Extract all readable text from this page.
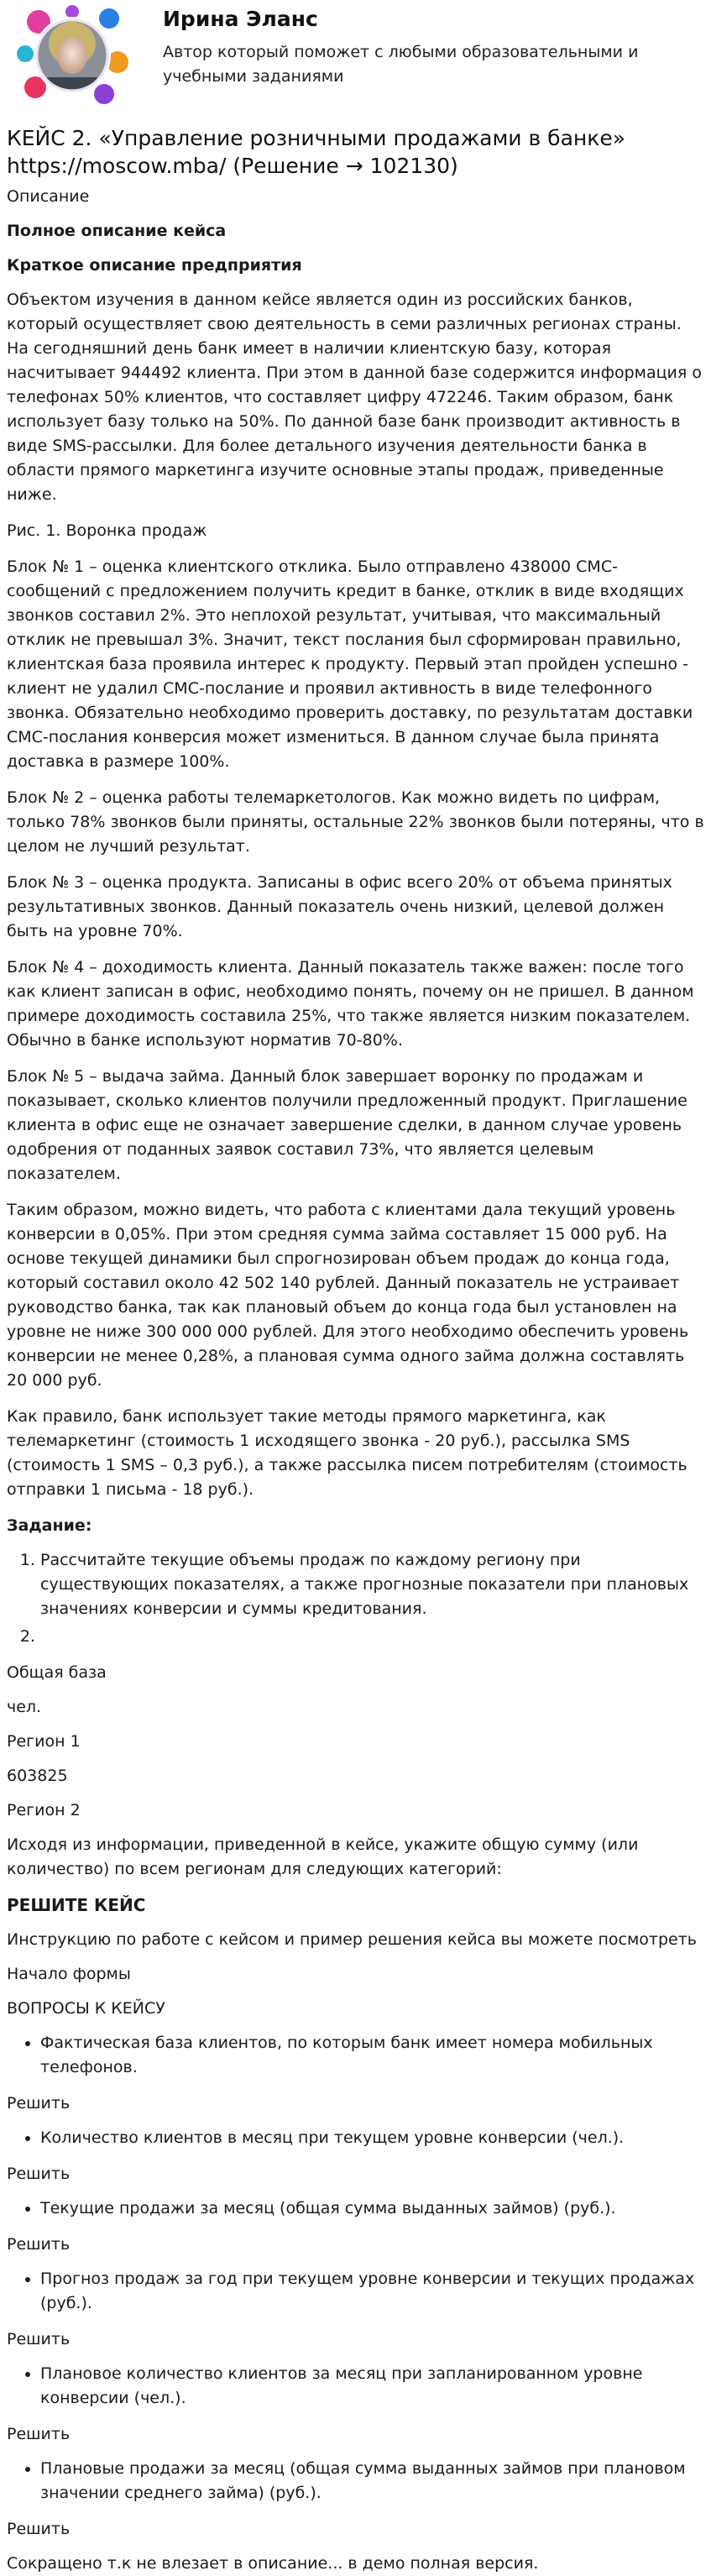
Ирина Эланс
Автор который поможет с любыми образовательными и учебными заданиями
КЕЙС 2. «Управление розничными продажами в банке» https://moscow.mba/ (Решение → 102130)

Описание

Полное описание кейса

Краткое описание предприятия

Объектом изучения в данном кейсе является один из российских банков, который осуществляет свою деятельность в семи различных регионах страны. На сегодняшний день банк имеет в наличии клиентскую базу, которая насчитывает 944492 клиента. При этом в данной базе содержится информация о телефонах 50% клиентов, что составляет цифру 472246. Таким образом, банк использует базу только на 50%. По данной базе банк производит активность в виде SMS-рассылки. Для более детального изучения деятельности банка в области прямого маркетинга изучите основные этапы продаж, приведенные ниже.

Рис. 1. Воронка продаж

Блок № 1 – оценка клиентского отклика. Было отправлено 438000 СМС-сообщений с предложением получить кредит в банке, отклик в виде входящих звонков составил 2%. Это неплохой результат, учитывая, что максимальный отклик не превышал 3%. Значит, текст послания был сформирован правильно, клиентская база проявила интерес к продукту. Первый этап пройден успешно - клиент не удалил СМС-послание и проявил активность в виде телефонного звонка. Обязательно необходимо проверить доставку, по результатам доставки СМС-послания конверсия может измениться. В данном случае была принята доставка в размере 100%.

Блок № 2 – оценка работы телемаркетологов. Как можно видеть по цифрам, только 78% звонков были приняты, остальные 22% звонков были потеряны, что в целом не лучший результат.

Блок № 3 – оценка продукта. Записаны в офис всего 20% от объема принятых результативных звонков. Данный показатель очень низкий, целевой должен быть на уровне 70%.

Блок № 4 – доходимость клиента. Данный показатель также важен: после того как клиент записан в офис, необходимо понять, почему он не пришел. В данном примере доходимость составила 25%, что также является низким показателем. Обычно в банке используют норматив 70-80%.

Блок № 5 – выдача займа. Данный блок завершает воронку по продажам и показывает, сколько клиентов получили предложенный продукт. Приглашение клиента в офис еще не означает завершение сделки, в данном случае уровень одобрения от поданных заявок составил 73%, что является целевым показателем.

Таким образом, можно видеть, что работа с клиентами дала текущий уровень конверсии в 0,05%. При этом средняя сумма займа составляет 15 000 руб. На основе текущей динамики был спрогнозирован объем продаж до конца года, который составил около 42 502 140 рублей. Данный показатель не устраивает руководство банка, так как плановый объем до конца года был установлен на уровне не ниже 300 000 000 рублей. Для этого необходимо обеспечить уровень конверсии не менее 0,28%, а плановая сумма одного займа должна составлять 20 000 руб.

Как правило, банк использует такие методы прямого маркетинга, как телемаркетинг (стоимость 1 исходящего звонка - 20 руб.), рассылка SMS (стоимость 1 SMS – 0,3 руб.), а также рассылка писем потребителям (стоимость отправки 1 письма - 18 руб.).

Задание:

1. Рассчитайте текущие объемы продаж по каждому региону при существующих показателях, а также прогнозные показатели при плановых значениях конверсии и суммы кредитования.
2.

Общая база

чел.

Регион 1

603825

Регион 2

Исходя из информации, приведенной в кейсе, укажите общую сумму (или количество) по всем регионам для следующих категорий:

РЕШИТЕ КЕЙС

Инструкцию по работе с кейсом и пример решения кейса вы можете посмотреть

Начало формы

ВОПРОСЫ К КЕЙСУ

• Фактическая база клиентов, по которым банк имеет номера мобильных телефонов.

Решить

• Количество клиентов в месяц при текущем уровне конверсии (чел.).

Решить

• Текущие продажи за месяц (общая сумма выданных займов) (руб.).

Решить

• Прогноз продаж за год при текущем уровне конверсии и текущих продажах (руб.).

Решить

• Плановое количество клиентов за месяц при запланированном уровне конверсии (чел.).

Решить

• Плановые продажи за месяц (общая сумма выданных займов при плановом значении среднего займа) (руб.).

Решить

Сокращено т.к не влезает в описание... в демо полная версия.
